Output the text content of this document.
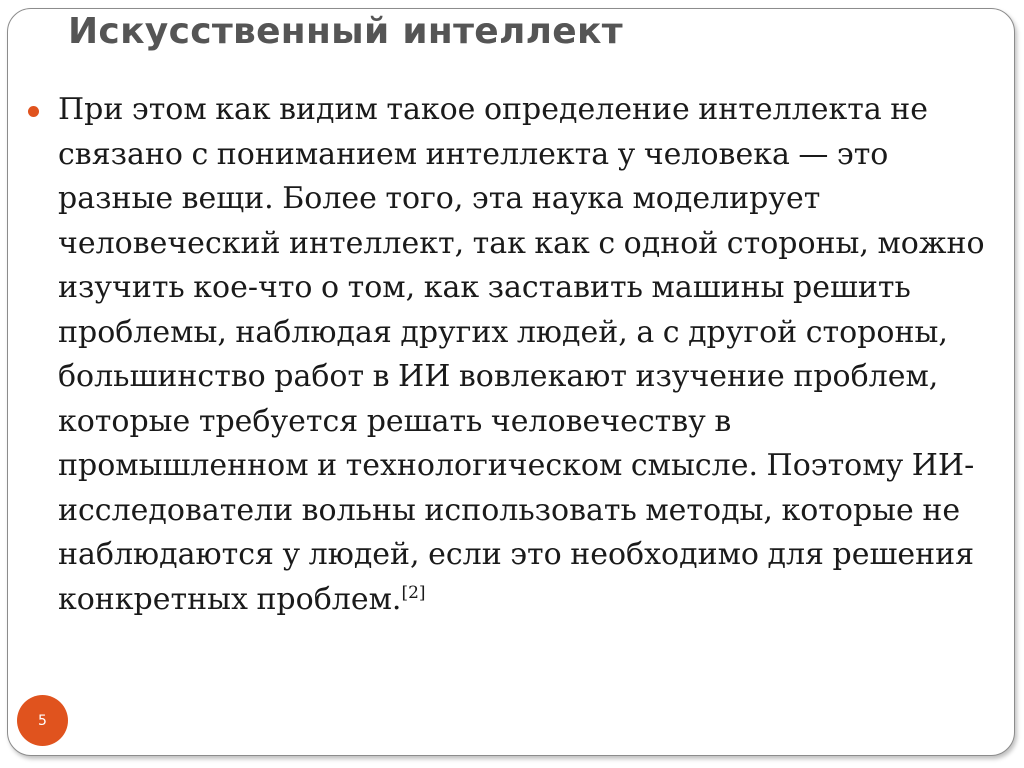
Искусственный интеллект

При этом как видим такое определение интеллекта не связано с пониманием интеллекта у человека — это разные вещи. Более того, эта наука моделирует человеческий интеллект, так как с одной стороны, можно изучить кое-что о том, как заставить машины решить проблемы, наблюдая других людей, а с другой стороны, большинство работ в ИИ вовлекают изучение проблем, которые требуется решать человечеству в промышленном и технологическом смысле. Поэтому ИИ-исследователи вольны использовать методы, которые не наблюдаются у людей, если это необходимо для решения конкретных проблем.[2]

5
